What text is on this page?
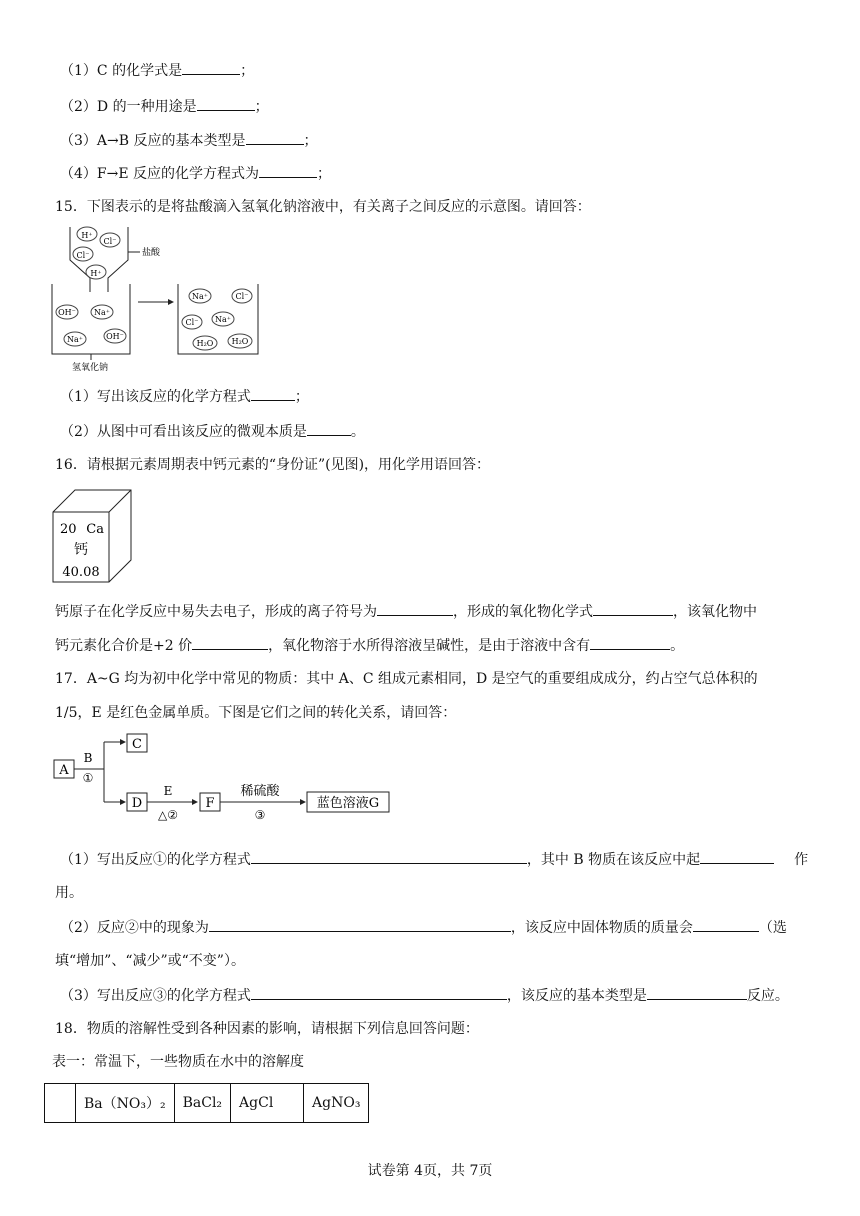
（1）C 的化学式是	；
（2）D 的一种用途是	；
（3）A→B 反应的基本类型是	；
（4）F→E 反应的化学方程式为	；
15．下图表示的是将盐酸滴入氢氧化钠溶液中，有关离子之间反应的示意图。请回答：
H⁺
Cl⁻
Cl⁻
H⁺
盐酸
OH⁻ Na⁺
Na⁺	OH⁻
氢氧化钠
Na⁺	Cl⁻
Cl⁻ Na⁺
H₂O H₂O
（1）写出该反应的化学方程式	；
（2）从图中可看出该反应的微观本质是	。
16．请根据元素周期表中钙元素的“身份证”(见图)，用化学用语回答：
20 Ca
钙
40.08
钙原子在化学反应中易失去电子，形成的离子符号为	，形成的氧化物化学式	，该氧化物中
钙元素化合价是+2 价	，氧化物溶于水所得溶液呈碱性，是由于溶液中含有	。
17．A~G 均为初中化学中常见的物质：其中 A、C 组成元素相同，D 是空气的重要组成成分，约占空气总体积的
1/5，E 是红色金属单质。下图是它们之间的转化关系，请回答：
A
B
①
C
D
E
△②
F
稀硫酸
③
蓝色溶液G
（1）写出反应①的化学方程式	，其中 B 物质在该反应中起	作
用。
（2）反应②中的现象为	，该反应中固体物质的质量会	（选
填“增加”、“减少”或“不变”）。
（3）写出反应③的化学方程式	，该反应的基本类型是	反应。
18．物质的溶解性受到各种因素的影响，请根据下列信息回答问题：
表一：常温下，一些物质在水中的溶解度
	Ba（NO₃）₂	BaCl₂	AgCl	AgNO₃
试卷第 4页，共 7页
